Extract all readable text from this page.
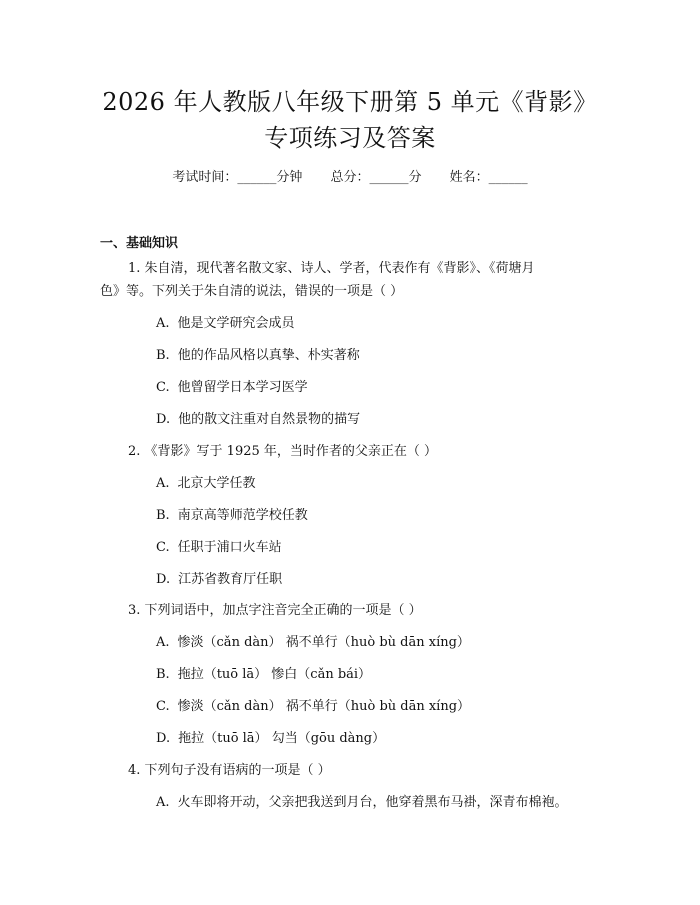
2026 年人教版八年级下册第 5 单元《背影》
专项练习及答案
考试时间：______分钟 总分：______分 姓名：______
一、基础知识
1. 朱自清，现代著名散文家、诗人、学者，代表作有《背影》、《荷塘月
色》等。下列关于朱自清的说法，错误的一项是（ ）
A. 他是文学研究会成员
B. 他的作品风格以真挚、朴实著称
C. 他曾留学日本学习医学
D. 他的散文注重对自然景物的描写
2. 《背影》写于 1925 年，当时作者的父亲正在（ ）
A. 北京大学任教
B. 南京高等师范学校任教
C. 任职于浦口火车站
D. 江苏省教育厅任职
3. 下列词语中，加点字注音完全正确的一项是（ ）
A. 惨淡（cǎn dàn） 祸不单行（huò bù dān xíng）
B. 拖拉（tuō lā） 惨白（cǎn bái）
C. 惨淡（cǎn dàn） 祸不单行（huò bù dān xíng）
D. 拖拉（tuō lā） 勾当（gōu dàng）
4. 下列句子没有语病的一项是（ ）
A. 火车即将开动，父亲把我送到月台，他穿着黑布马褂，深青布棉袍。
